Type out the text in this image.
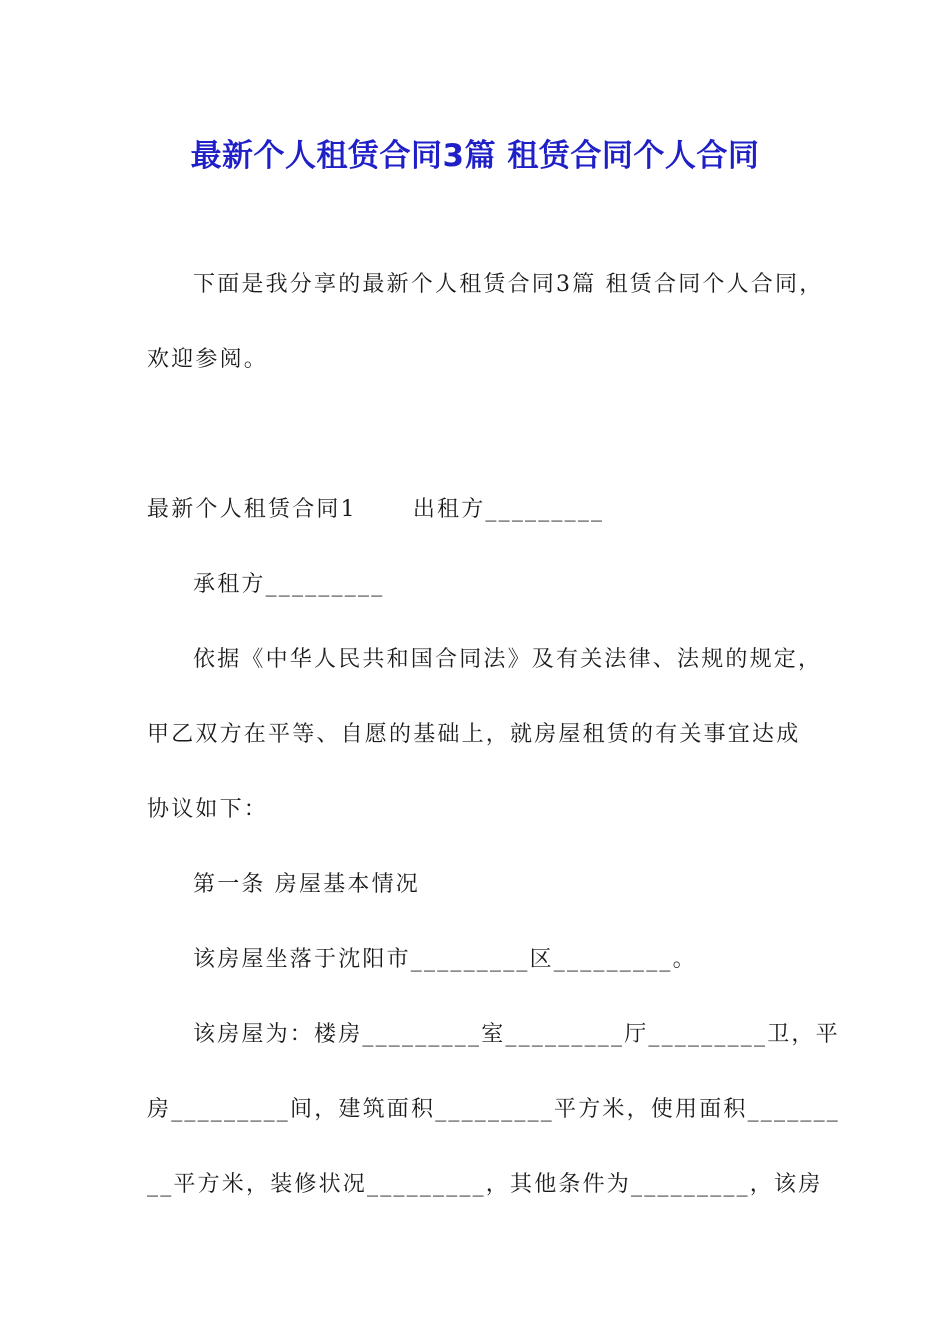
最新个人租赁合同3篇 租赁合同个人合同
下面是我分享的最新个人租赁合同3篇 租赁合同个人合同，
欢迎参阅。
最新个人租赁合同1	出租方_________
承租方_________
依据《中华人民共和国合同法》及有关法律、法规的规定，
甲乙双方在平等、自愿的基础上，就房屋租赁的有关事宜达成
协议如下：
第一条 房屋基本情况
该房屋坐落于沈阳市_________区_________。
该房屋为：楼房_________室_________厅_________卫，平
房_________间，建筑面积_________平方米，使用面积_______
__平方米，装修状况_________，其他条件为_________，该房
